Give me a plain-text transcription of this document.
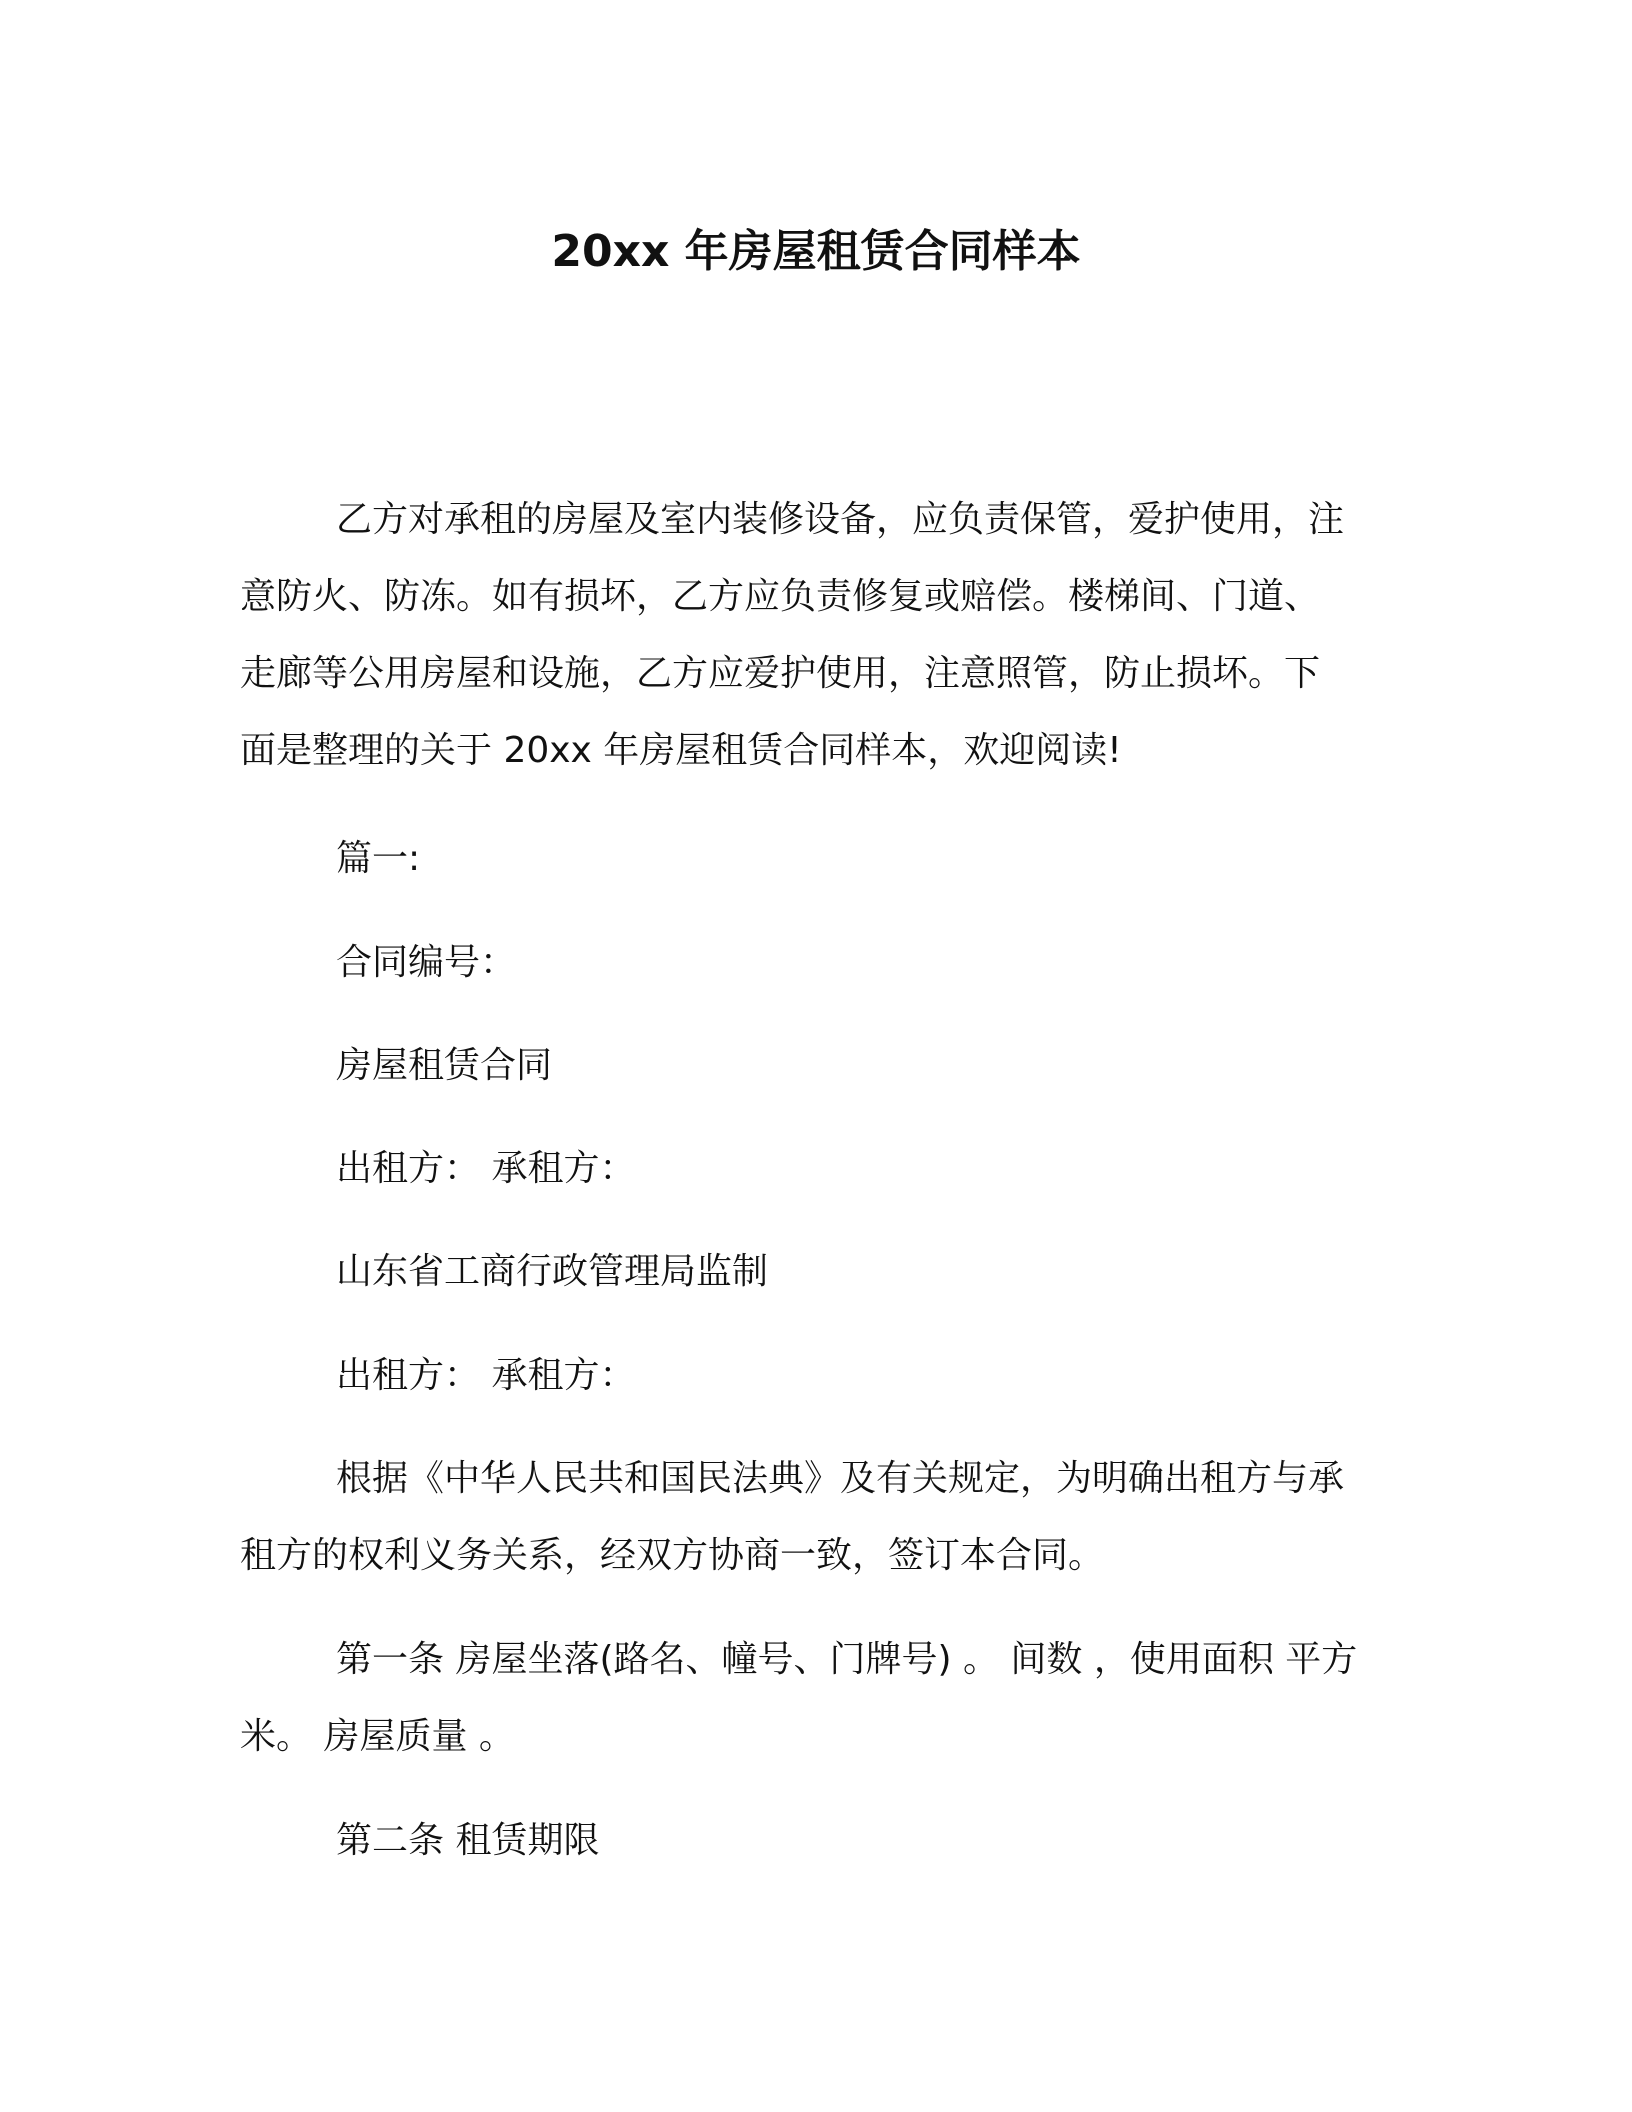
20xx 年房屋租赁合同样本
乙方对承租的房屋及室内装修设备，应负责保管，爱护使用，注
意防火、防冻。如有损坏，乙方应负责修复或赔偿。楼梯间、门道、
走廊等公用房屋和设施，乙方应爱护使用，注意照管，防止损坏。下
面是整理的关于 20xx 年房屋租赁合同样本，欢迎阅读!
篇一:
合同编号：
房屋租赁合同
出租方： 承租方：
山东省工商行政管理局监制
出租方： 承租方：
根据《中华人民共和国民法典》及有关规定，为明确出租方与承
租方的权利义务关系，经双方协商一致，签订本合同。
第一条 房屋坐落(路名、幢号、门牌号) 。 间数 ，使用面积 平方
米。 房屋质量 。
第二条 租赁期限
